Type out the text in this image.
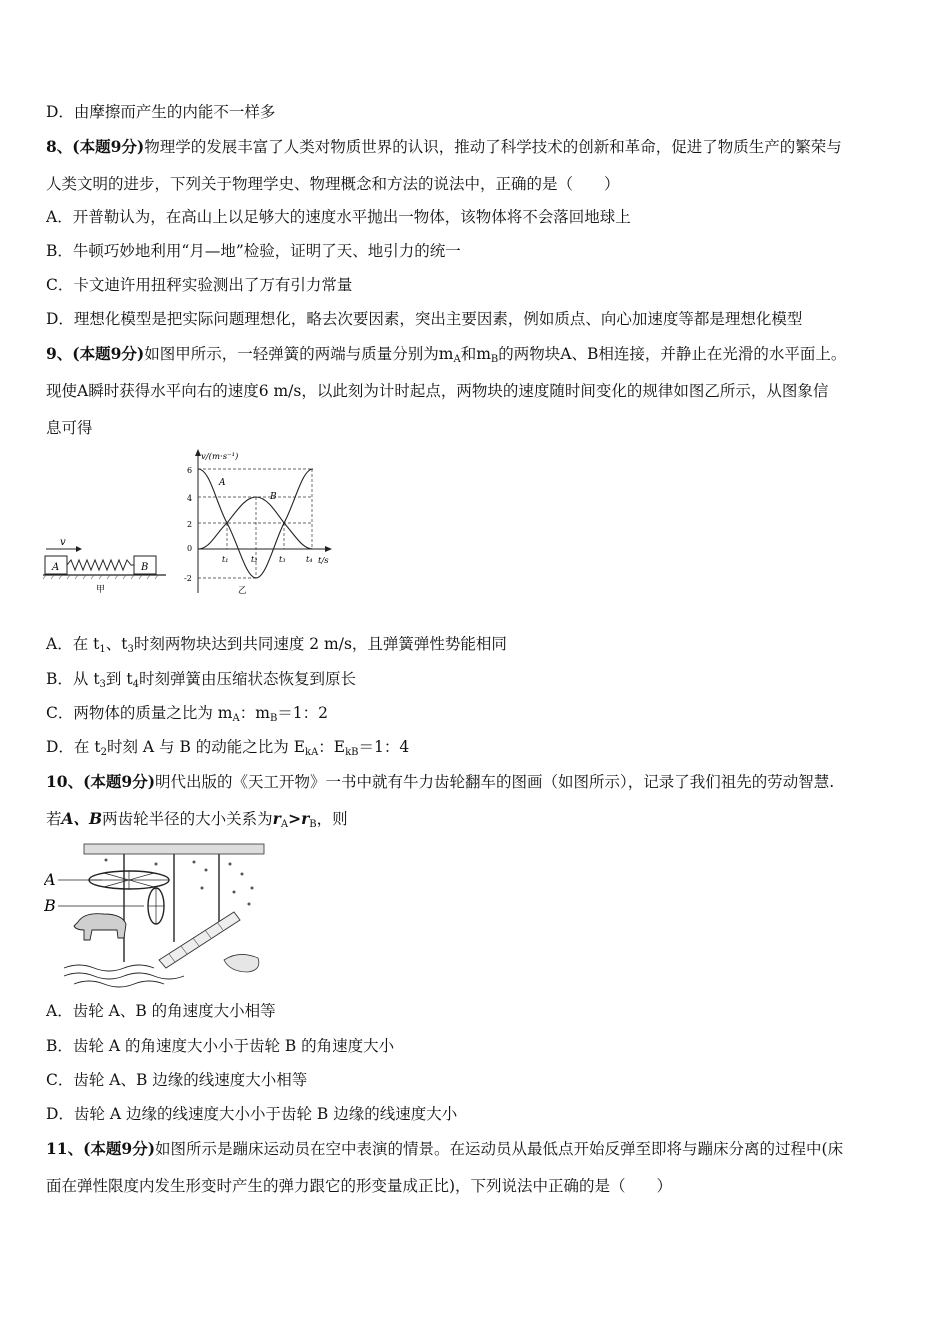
D．由摩擦而产生的内能不一样多
8、(本题9分)物理学的发展丰富了人类对物质世界的认识，推动了科学技术的创新和革命，促进了物质生产的繁荣与
人类文明的进步，下列关于物理学史、物理概念和方法的说法中，正确的是（　　）
A．开普勒认为，在高山上以足够大的速度水平抛出一物体，该物体将不会落回地球上
B．牛顿巧妙地利用“月—地”检验，证明了天、地引力的统一
C．卡文迪许用扭秤实验测出了万有引力常量
D．理想化模型是把实际问题理想化，略去次要因素，突出主要因素，例如质点、向心加速度等都是理想化模型
9、(本题9分)如图甲所示，一轻弹簧的两端与质量分别为$m_A$和$m_B$的两物块A、B相连接，并静止在光滑的水平面上。
现使A瞬时获得水平向右的速度6 m/s，以此刻为计时起点，两物块的速度随时间变化的规律如图乙所示，从图象信
息可得
v
A	B
甲
v/(m·s⁻¹)
t/s
6
4
2
0
-2
A
B
t₁	t₂	t₃	t₄
乙
A．在 $t_1$、$t_3$时刻两物块达到共同速度 2 m/s，且弹簧弹性势能相同
B．从 $t_3$到 $t_4$时刻弹簧由压缩状态恢复到原长
C．两物体的质量之比为 $m_A$：$m_B=1$：2
D．在 $t_2$时刻 A 与 B 的动能之比为 $E_{kA}$：$E_{kB}=1$：4
10、(本题9分)明代出版的《天工开物》一书中就有牛力齿轮翻车的图画（如图所示），记录了我们祖先的劳动智慧.
若A、B两齿轮半径的大小关系为$r_A>r_B$，则
A
B
A．齿轮 A、B 的角速度大小相等
B．齿轮 A 的角速度大小小于齿轮 B 的角速度大小
C．齿轮 A、B 边缘的线速度大小相等
D．齿轮 A 边缘的线速度大小小于齿轮 B 边缘的线速度大小
11、(本题9分)如图所示是蹦床运动员在空中表演的情景。在运动员从最低点开始反弹至即将与蹦床分离的过程中(床
面在弹性限度内发生形变时产生的弹力跟它的形变量成正比)，下列说法中正确的是（　　）
